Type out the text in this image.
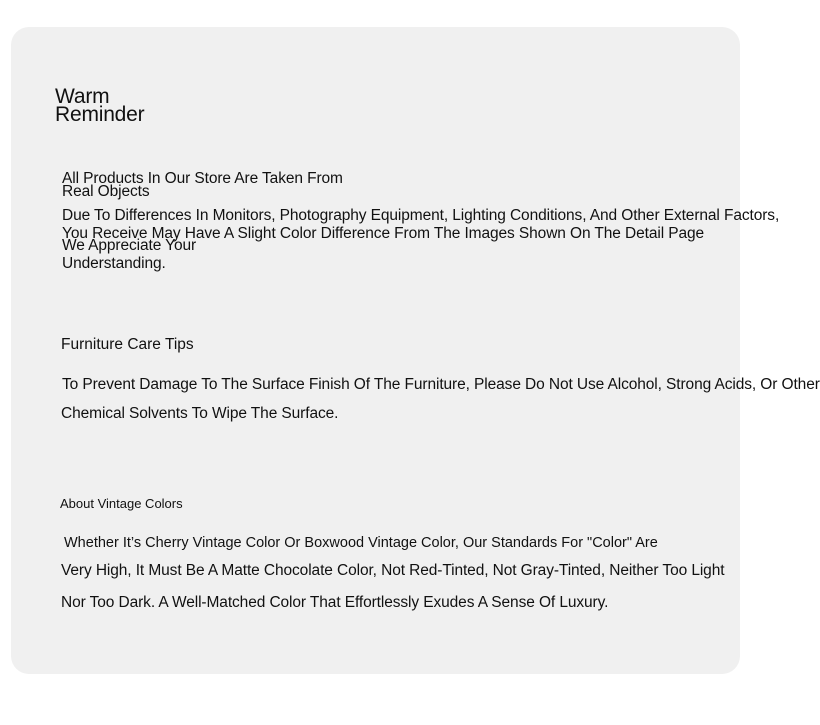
Warm
Reminder

All Products In Our Store Are Taken From

Real Objects

Due To Differences In Monitors, Photography Equipment, Lighting Conditions, And Other External Factors,

You Receive May Have A Slight Color Difference From The Images Shown On The Detail Page

We Appreciate Your

Understanding.

Furniture Care Tips

To Prevent Damage To The Surface Finish Of The Furniture, Please Do Not Use Alcohol, Strong Acids, Or Other

Chemical Solvents To Wipe The Surface.

About Vintage Colors

Whether It’s Cherry Vintage Color Or Boxwood Vintage Color, Our Standards For "Color" Are

Very High, It Must Be A Matte Chocolate Color, Not Red-Tinted, Not Gray-Tinted, Neither Too Light

Nor Too Dark. A Well-Matched Color That Effortlessly Exudes A Sense Of Luxury.
